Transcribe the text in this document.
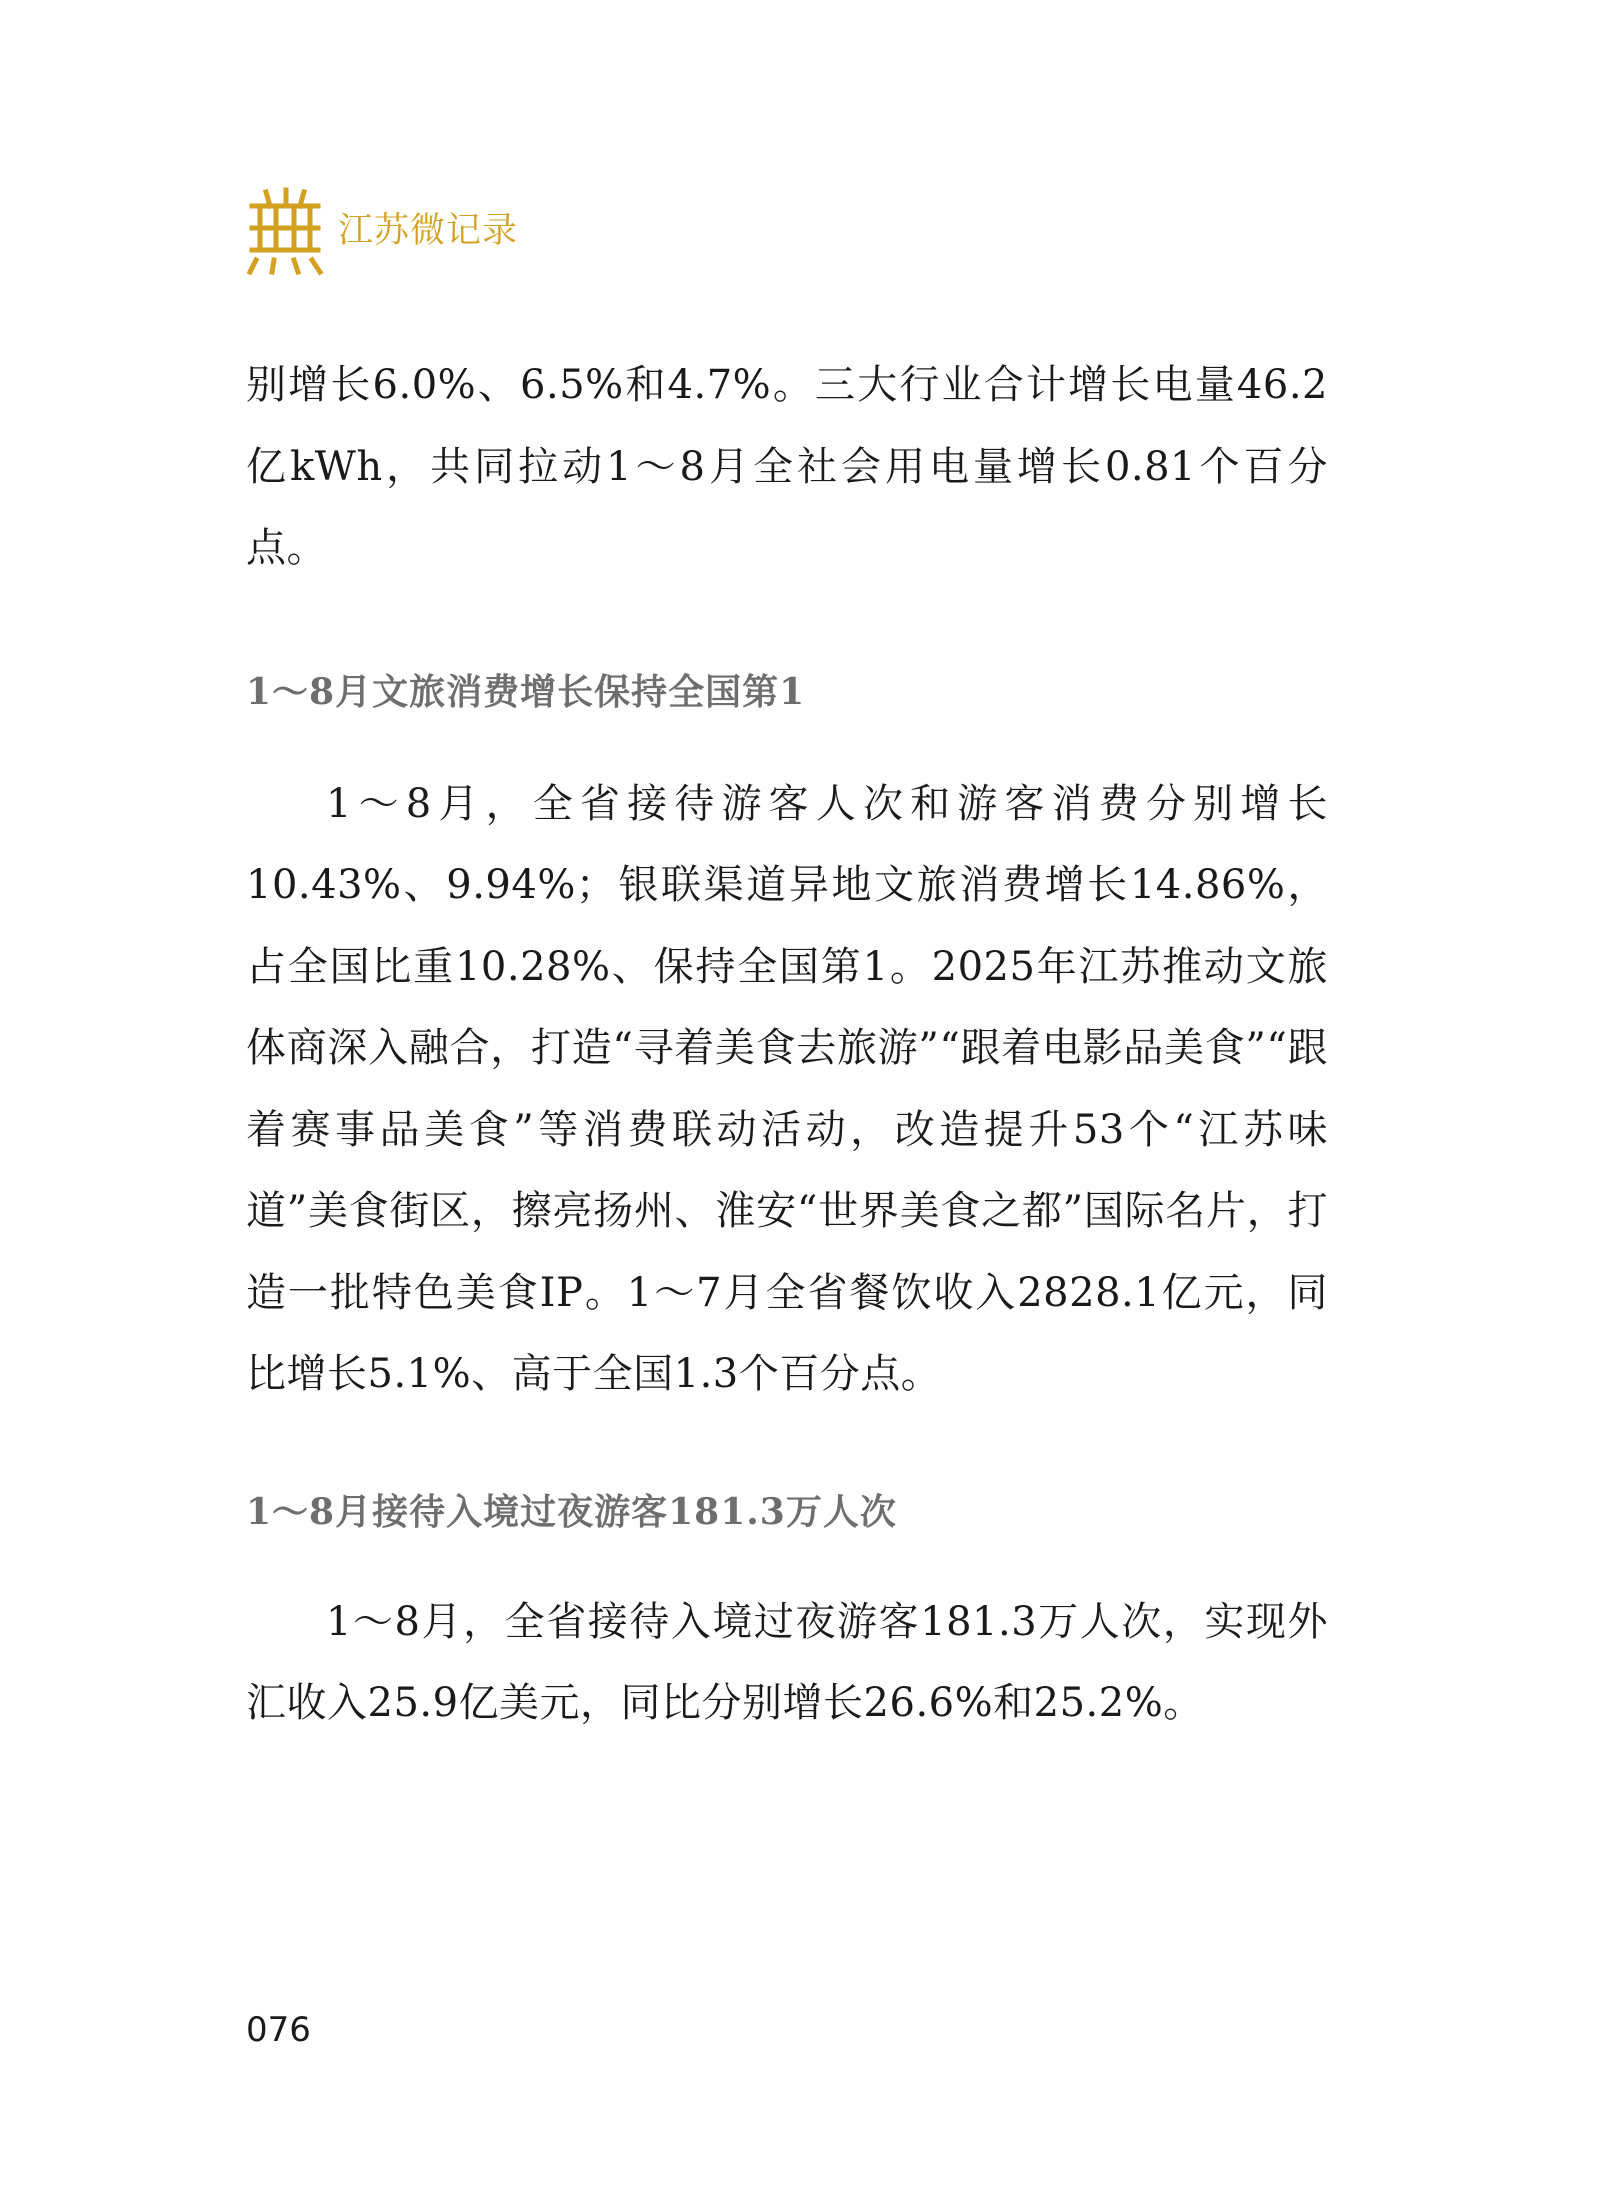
江苏微记录

别增长6.0%、6.5%和4.7%。三大行业合计增长电量46.2亿kWh，共同拉动1～8月全社会用电量增长0.81个百分点。

1～8月文旅消费增长保持全国第1

1～8月，全省接待游客人次和游客消费分别增长10.43%、9.94%；银联渠道异地文旅消费增长14.86%，占全国比重10.28%、保持全国第1。2025年江苏推动文旅体商深入融合，打造“寻着美食去旅游”“跟着电影品美食”“跟着赛事品美食”等消费联动活动，改造提升53个“江苏味道”美食街区，擦亮扬州、淮安“世界美食之都”国际名片，打造一批特色美食IP。1～7月全省餐饮收入2828.1亿元，同比增长5.1%、高于全国1.3个百分点。

1～8月接待入境过夜游客181.3万人次

1～8月，全省接待入境过夜游客181.3万人次，实现外汇收入25.9亿美元，同比分别增长26.6%和25.2%。

076
